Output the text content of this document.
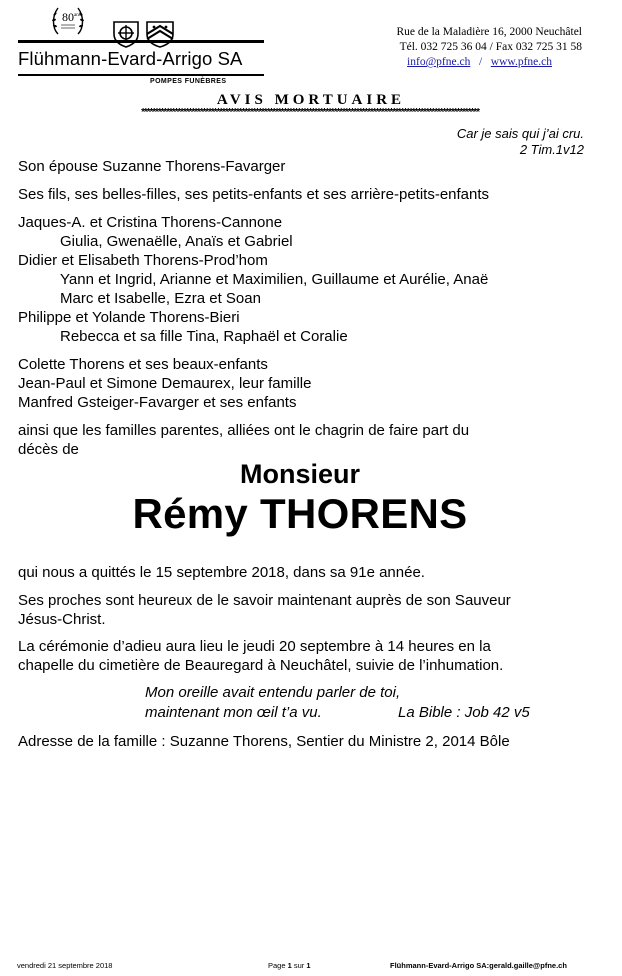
80 ans
Flühmann-Evard-Arrigo SA
POMPES FUNÈBRES
Rue de la Maladière 16, 2000 Neuchâtel
Tél. 032 725 36 04 / Fax 032 725 31 58
info@pfne.ch   /   www.pfne.ch
AVIS MORTUAIRE
*************************************************************************************************************************
Car je sais qui j’ai cru.
2 Tim.1v12
Son épouse Suzanne Thorens-Favarger
Ses fils, ses belles-filles, ses petits-enfants et ses arrière-petits-enfants
Jaques-A. et Cristina Thorens-Cannone
Giulia, Gwenaëlle, Anaïs et Gabriel
Didier et Elisabeth Thorens-Prod’hom
Yann et Ingrid, Arianne et Maximilien, Guillaume et Aurélie, Anaë
Marc et Isabelle, Ezra et Soan
Philippe et Yolande Thorens-Bieri
Rebecca et sa fille Tina, Raphaël et Coralie
Colette Thorens et ses beaux-enfants
Jean-Paul et Simone Demaurex, leur famille
Manfred Gsteiger-Favarger et ses enfants
ainsi que les familles parentes, alliées ont le chagrin de faire part du
décès de
Monsieur
Rémy THORENS
qui nous a quittés le 15 septembre 2018, dans sa 91e année.
Ses proches sont heureux de le savoir maintenant auprès de son Sauveur
Jésus-Christ.
La cérémonie d’adieu aura lieu le jeudi 20 septembre à 14 heures en la
chapelle du cimetière de Beauregard à Neuchâtel, suivie de l’inhumation.
Mon oreille avait entendu parler de toi,
maintenant mon œil t’a vu.	La Bible : Job 42 v5
Adresse de la famille : Suzanne Thorens, Sentier du Ministre 2, 2014 Bôle
vendredi 21 septembre 2018	Page 1 sur 1	Flühmann-Evard-Arrigo SA:gerald.gaille@pfne.ch
